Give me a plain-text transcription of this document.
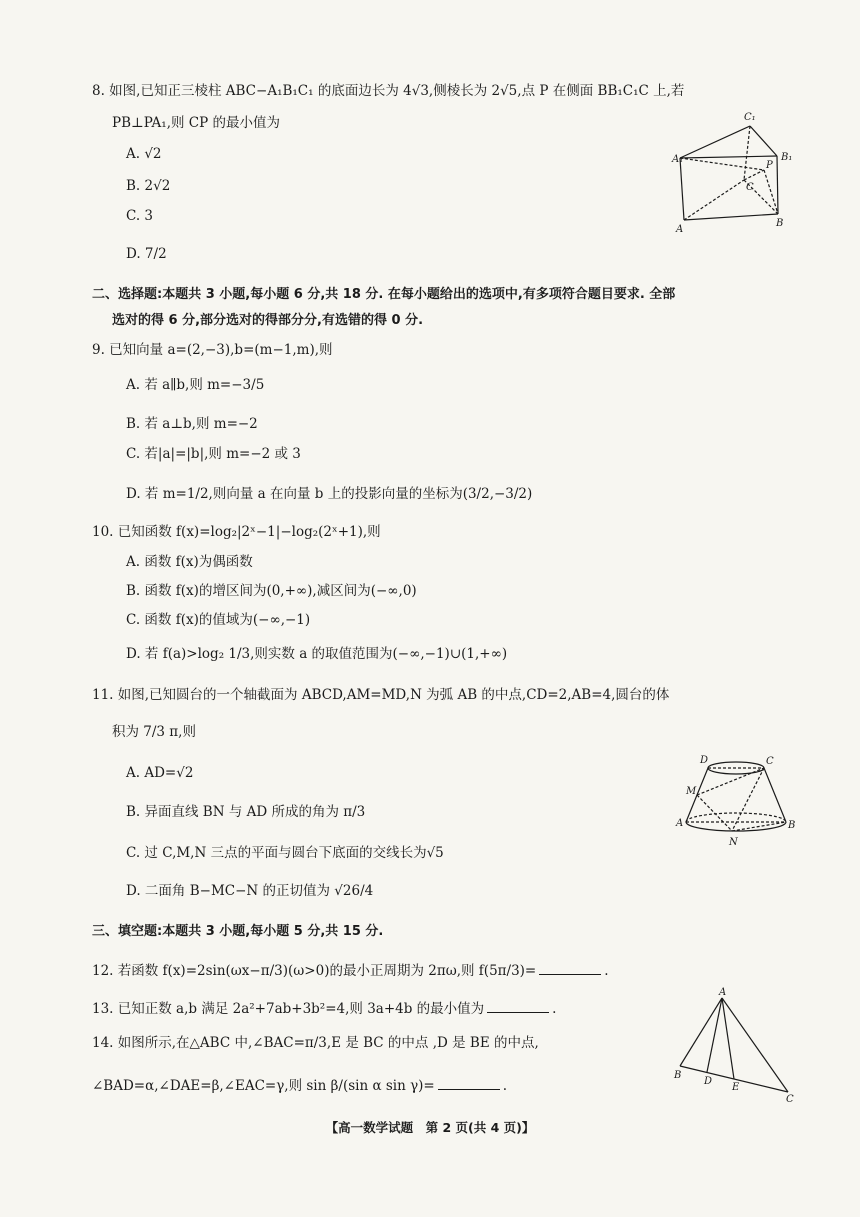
8. 如图,已知正三棱柱 ABC−A₁B₁C₁ 的底面边长为 4√3,侧棱长为 2√5,点 P 在侧面 BB₁C₁C 上,若
PB⊥PA₁,则 CP 的最小值为
A. √2
B. 2√2
C. 3
D. 7/2
二、选择题:本题共 3 小题,每小题 6 分,共 18 分. 在每小题给出的选项中,有多项符合题目要求. 全部
选对的得 6 分,部分选对的得部分分,有选错的得 0 分.
9. 已知向量 a=(2,−3),b=(m−1,m),则
A. 若 a∥b,则 m=−3/5
B. 若 a⊥b,则 m=−2
C. 若|a|=|b|,则 m=−2 或 3
D. 若 m=1/2,则向量 a 在向量 b 上的投影向量的坐标为(3/2,−3/2)
10. 已知函数 f(x)=log₂|2ˣ−1|−log₂(2ˣ+1),则
A. 函数 f(x)为偶函数
B. 函数 f(x)的增区间为(0,+∞),减区间为(−∞,0)
C. 函数 f(x)的值域为(−∞,−1)
D. 若 f(a)>log₂ 1/3,则实数 a 的取值范围为(−∞,−1)∪(1,+∞)
11. 如图,已知圆台的一个轴截面为 ABCD,AM=MD,N 为弧 AB 的中点,CD=2,AB=4,圆台的体
积为 7/3 π,则
A. AD=√2
B. 异面直线 BN 与 AD 所成的角为 π/3
C. 过 C,M,N 三点的平面与圆台下底面的交线长为√5
D. 二面角 B−MC−N 的正切值为 √26/4
三、填空题:本题共 3 小题,每小题 5 分,共 15 分.
12. 若函数 f(x)=2sin(ωx−π/3)(ω>0)的最小正周期为 2πω,则 f(5π/3)=	.
13. 已知正数 a,b 满足 2a²+7ab+3b²=4,则 3a+4b 的最小值为	.
14. 如图所示,在△ABC 中,∠BAC=π/3,E 是 BC 的中点 ,D 是 BE 的中点,
∠BAD=α,∠DAE=β,∠EAC=γ,则 sin β/(sin α sin γ)=	.
C₁
A₁	B₁
P
C
A
B
D	C
M
A	B
N
A
B
D
E
C
【高一数学试题　第 2 页(共 4 页)】
